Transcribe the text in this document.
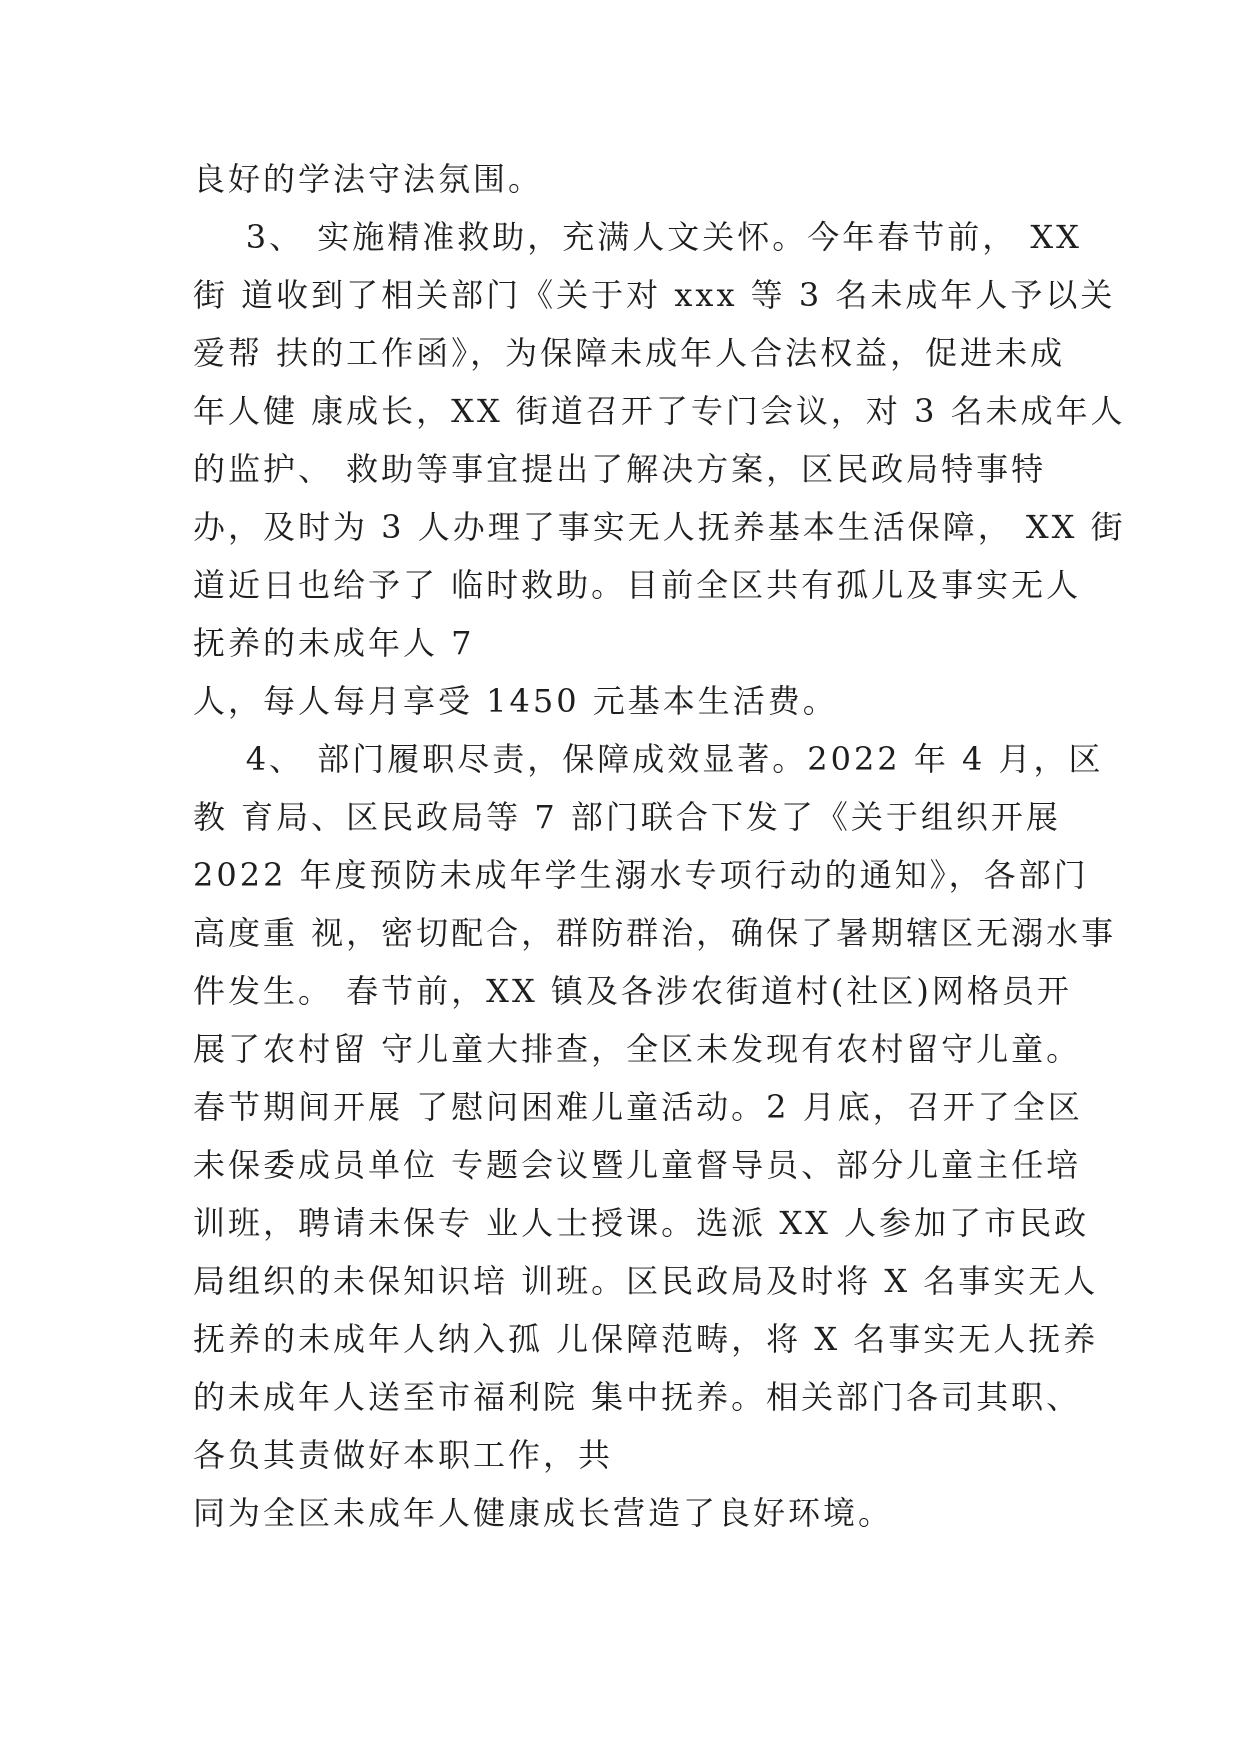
良好的学法守法氛围。
3、 实施精准救助，充满人文关怀。今年春节前， XX
街 道收到了相关部门《关于对 xxx 等 3 名未成年人予以关
爱帮 扶的工作函》，为保障未成年人合法权益，促进未成
年人健 康成长，XX 街道召开了专门会议，对 3 名未成年人
的监护、 救助等事宜提出了解决方案，区民政局特事特
办，及时为 3 人办理了事实无人抚养基本生活保障， XX 街
道近日也给予了 临时救助。目前全区共有孤儿及事实无人
抚养的未成年人 7
人，每人每月享受 1450 元基本生活费。
4、 部门履职尽责，保障成效显著。2022 年 4 月，区
教 育局、区民政局等 7 部门联合下发了《关于组织开展
2022 年度预防未成年学生溺水专项行动的通知》，各部门
高度重 视，密切配合，群防群治，确保了暑期辖区无溺水事
件发生。 春节前，XX 镇及各涉农街道村(社区)网格员开
展了农村留 守儿童大排查，全区未发现有农村留守儿童。
春节期间开展 了慰问困难儿童活动。2 月底，召开了全区
未保委成员单位 专题会议暨儿童督导员、部分儿童主任培
训班，聘请未保专 业人士授课。选派 XX 人参加了市民政
局组织的未保知识培 训班。区民政局及时将 X 名事实无人
抚养的未成年人纳入孤 儿保障范畴，将 X 名事实无人抚养
的未成年人送至市福利院 集中抚养。相关部门各司其职、
各负其责做好本职工作，共
同为全区未成年人健康成长营造了良好环境。
